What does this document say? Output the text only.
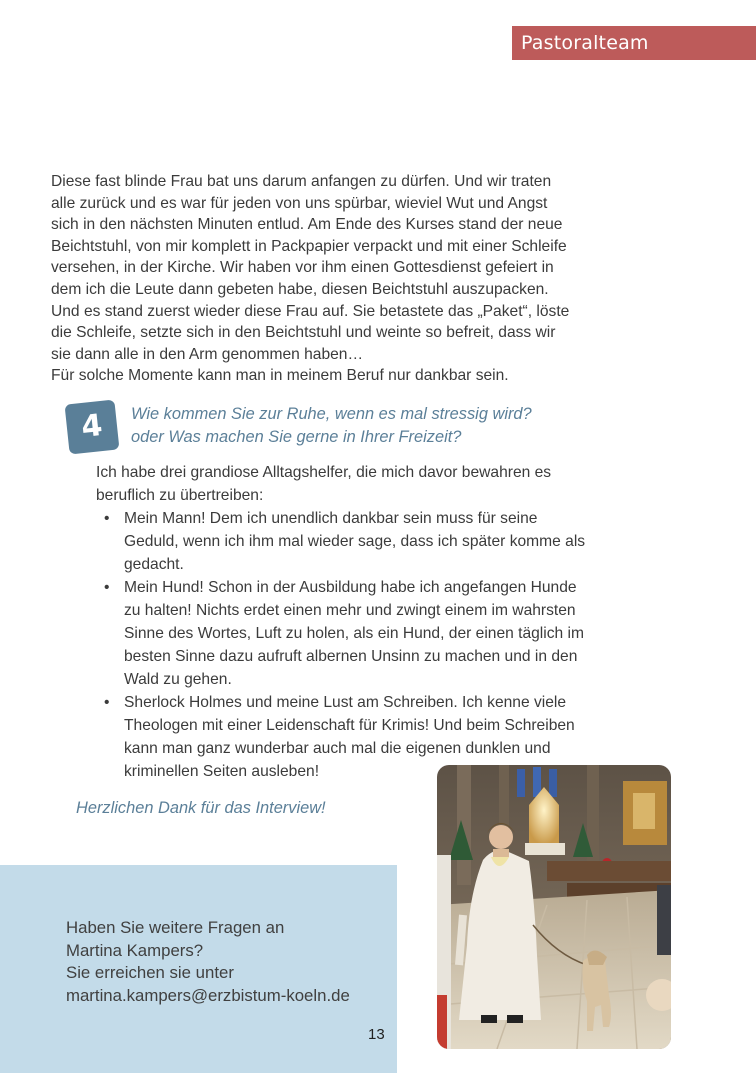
Pastoralteam

Diese fast blinde Frau bat uns darum anfangen zu dürfen. Und wir traten

alle zurück und es war für jeden von uns spürbar, wieviel Wut und Angst

sich in den nächsten Minuten entlud. Am Ende des Kurses stand der neue

Beichtstuhl, von mir komplett in Packpapier verpackt und mit einer Schleife

versehen, in der Kirche. Wir haben vor ihm einen Gottesdienst gefeiert in

dem ich die Leute dann gebeten habe, diesen Beichtstuhl auszupacken.

Und es stand zuerst wieder diese Frau auf. Sie betastete das „Paket“, löste

die Schleife, setzte sich in den Beichtstuhl und weinte so befreit, dass wir

sie dann alle in den Arm genommen haben…

Für solche Momente kann man in meinem Beruf nur dankbar sein.

4	Wie kommen Sie zur Ruhe, wenn es mal stressig wird?
oder Was machen Sie gerne in Ihrer Freizeit?

Ich habe drei grandiose Alltagshelfer, die mich davor bewahren es

beruflich zu übertreiben:

• Mein Mann! Dem ich unendlich dankbar sein muss für seine

Geduld, wenn ich ihm mal wieder sage, dass ich später komme als

gedacht.

• Mein Hund! Schon in der Ausbildung habe ich angefangen Hunde

zu halten! Nichts erdet einen mehr und zwingt einem im wahrsten

Sinne des Wortes, Luft zu holen, als ein Hund, der einen täglich im

besten Sinne dazu aufruft albernen Unsinn zu machen und in den

Wald zu gehen.

• Sherlock Holmes und meine Lust am Schreiben. Ich kenne viele

Theologen mit einer Leidenschaft für Krimis! Und beim Schreiben

kann man ganz wunderbar auch mal die eigenen dunklen und

kriminellen Seiten ausleben!

Herzlichen Dank für das Interview!
Haben Sie weitere Fragen an
Martina Kampers?
Sie erreichen sie unter
martina.kampers@erzbistum-koeln.de
13
